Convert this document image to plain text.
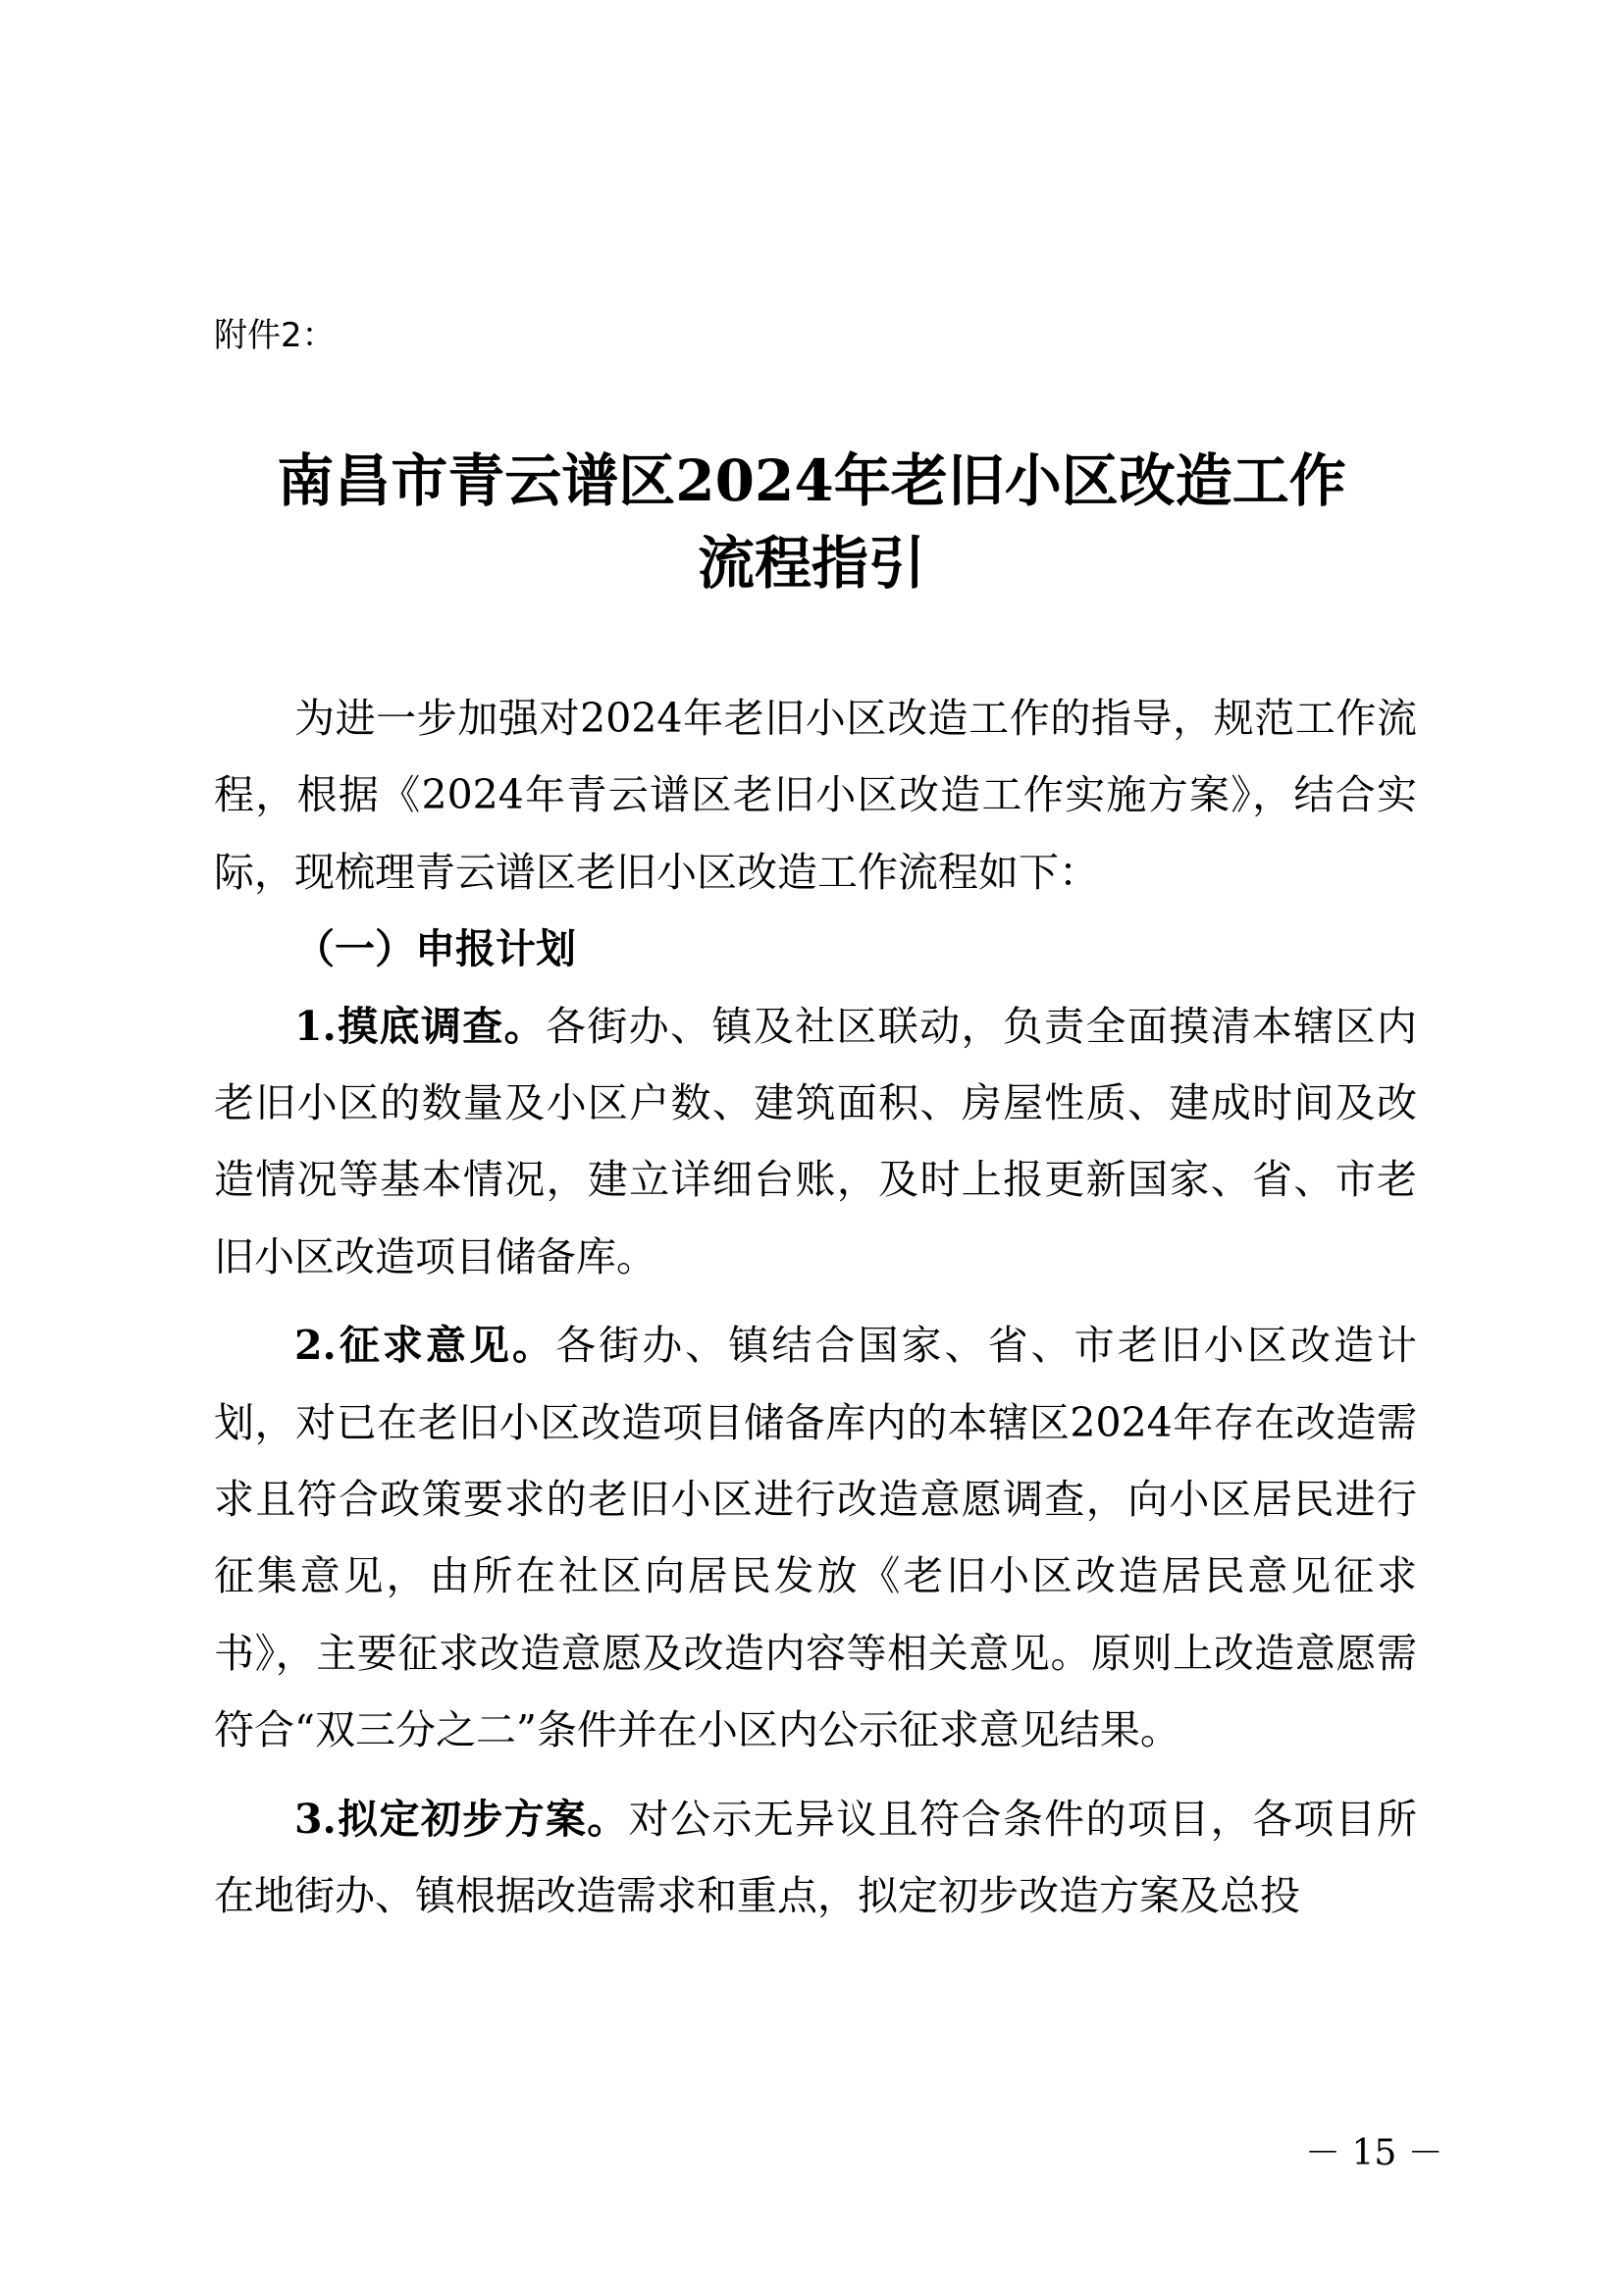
附件2：
南昌市青云谱区2024年老旧小区改造工作
流程指引

为进一步加强对2024年老旧小区改造工作的指导，规范工作流程，根据《2024年青云谱区老旧小区改造工作实施方案》，结合实际，现梳理青云谱区老旧小区改造工作流程如下：

（一）申报计划

1.摸底调查。各街办、镇及社区联动，负责全面摸清本辖区内老旧小区的数量及小区户数、建筑面积、房屋性质、建成时间及改造情况等基本情况，建立详细台账，及时上报更新国家、省、市老旧小区改造项目储备库。

2.征求意见。各街办、镇结合国家、省、市老旧小区改造计划，对已在老旧小区改造项目储备库内的本辖区2024年存在改造需求且符合政策要求的老旧小区进行改造意愿调查，向小区居民进行征集意见，由所在社区向居民发放《老旧小区改造居民意见征求书》，主要征求改造意愿及改造内容等相关意见。原则上改造意愿需符合“双三分之二”条件并在小区内公示征求意见结果。

3.拟定初步方案。对公示无异议且符合条件的项目，各项目所在地街办、镇根据改造需求和重点，拟定初步改造方案及总投

－ 15 －
